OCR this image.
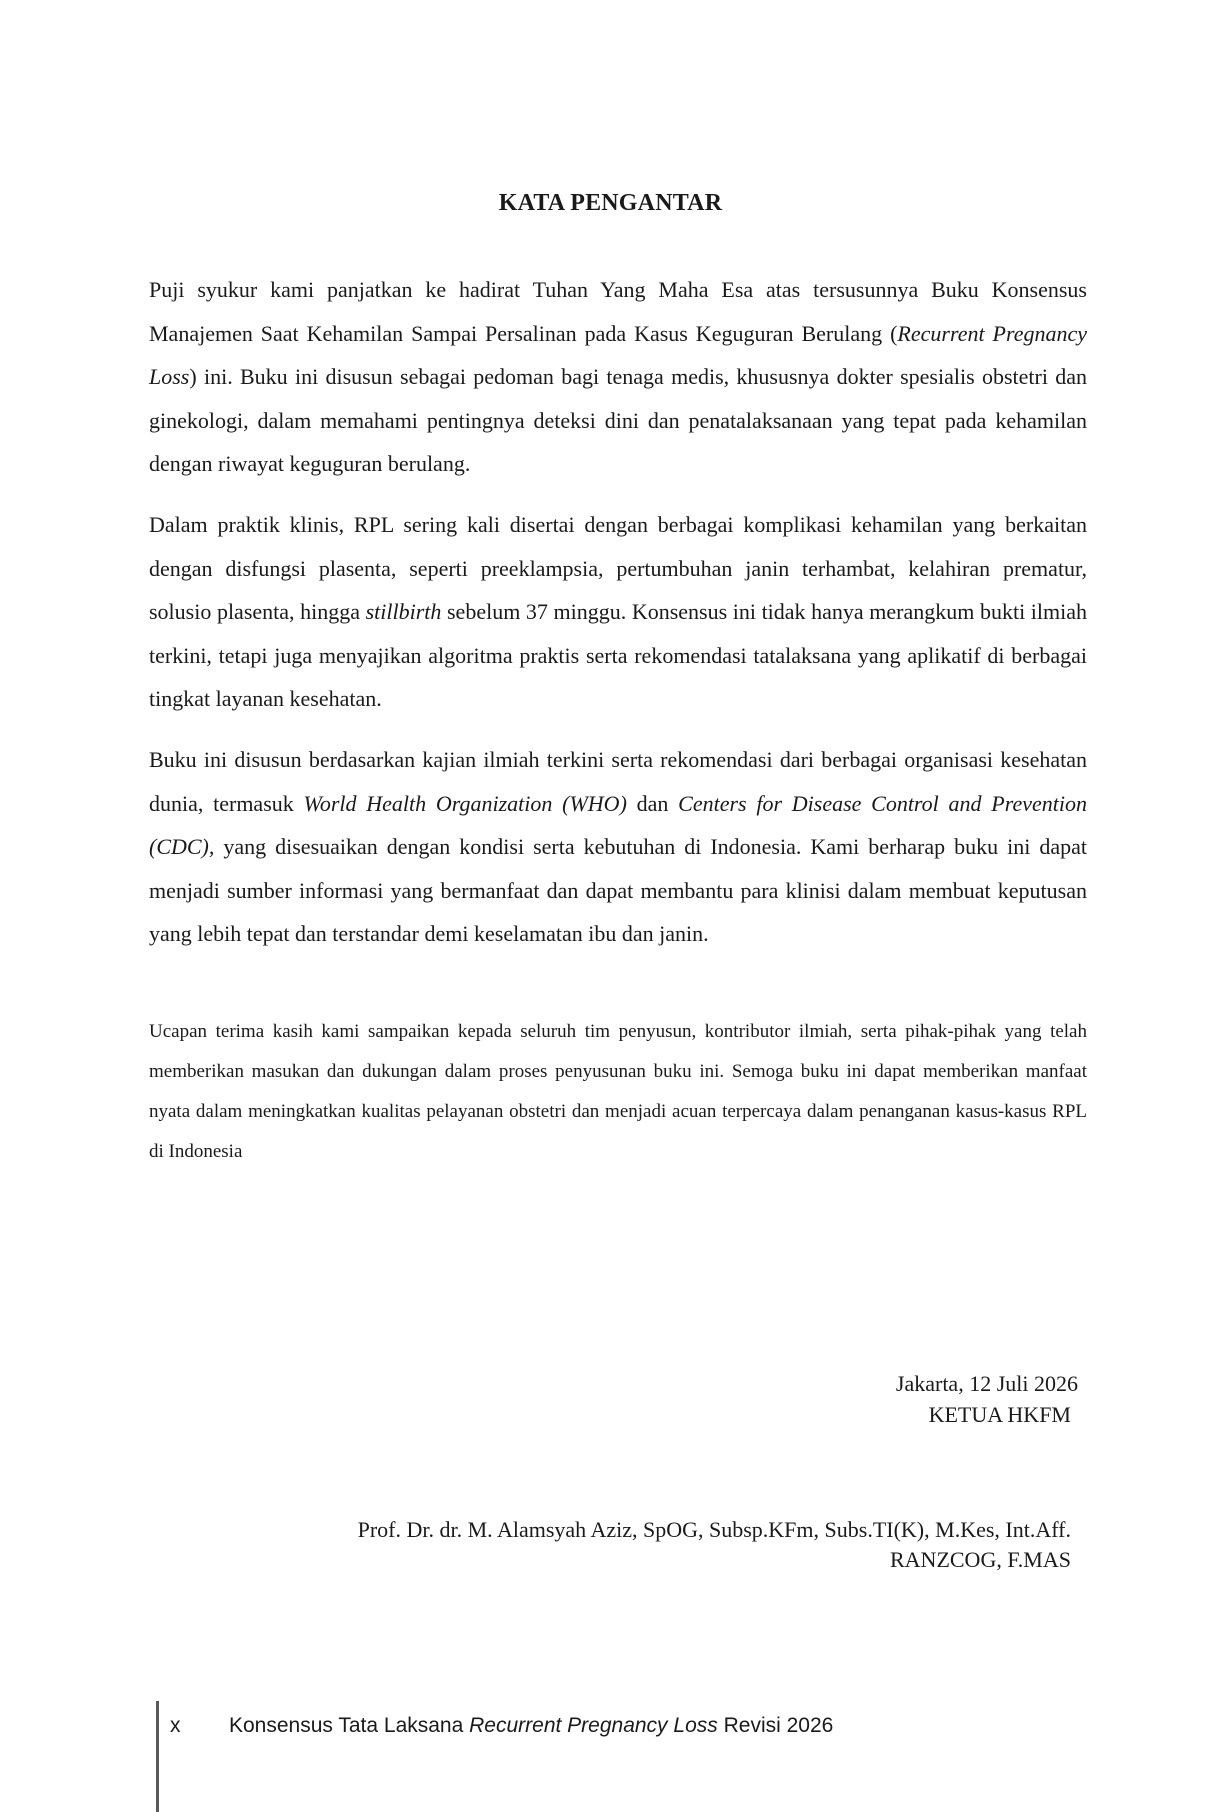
KATA PENGANTAR

Puji syukur kami panjatkan ke hadirat Tuhan Yang Maha Esa atas tersusunnya Buku Konsensus Manajemen Saat Kehamilan Sampai Persalinan pada Kasus Keguguran Berulang (Recurrent Pregnancy Loss) ini. Buku ini disusun sebagai pedoman bagi tenaga medis, khususnya dokter spesialis obstetri dan ginekologi, dalam memahami pentingnya deteksi dini dan penatalaksanaan yang tepat pada kehamilan dengan riwayat keguguran berulang.

Dalam praktik klinis, RPL sering kali disertai dengan berbagai komplikasi kehamilan yang berkaitan dengan disfungsi plasenta, seperti preeklampsia, pertumbuhan janin terhambat, kelahiran prematur, solusio plasenta, hingga stillbirth sebelum 37 minggu. Konsensus ini tidak hanya merangkum bukti ilmiah terkini, tetapi juga menyajikan algoritma praktis serta rekomendasi tatalaksana yang aplikatif di berbagai tingkat layanan kesehatan.

Buku ini disusun berdasarkan kajian ilmiah terkini serta rekomendasi dari berbagai organisasi kesehatan dunia, termasuk World Health Organization (WHO) dan Centers for Disease Control and Prevention (CDC), yang disesuaikan dengan kondisi serta kebutuhan di Indonesia. Kami berharap buku ini dapat menjadi sumber informasi yang bermanfaat dan dapat membantu para klinisi dalam membuat keputusan yang lebih tepat dan terstandar demi keselamatan ibu dan janin.

Ucapan terima kasih kami sampaikan kepada seluruh tim penyusun, kontributor ilmiah, serta pihak-pihak yang telah memberikan masukan dan dukungan dalam proses penyusunan buku ini. Semoga buku ini dapat memberikan manfaat nyata dalam meningkatkan kualitas pelayanan obstetri dan menjadi acuan terpercaya dalam penanganan kasus-kasus RPL di Indonesia

Jakarta, 12 Juli 2026
KETUA HKFM
Prof. Dr. dr. M. Alamsyah Aziz, SpOG, Subsp.KFm, Subs.TI(K), M.Kes, Int.Aff.
RANZCOG, F.MAS
x Konsensus Tata Laksana Recurrent Pregnancy Loss Revisi 2026
